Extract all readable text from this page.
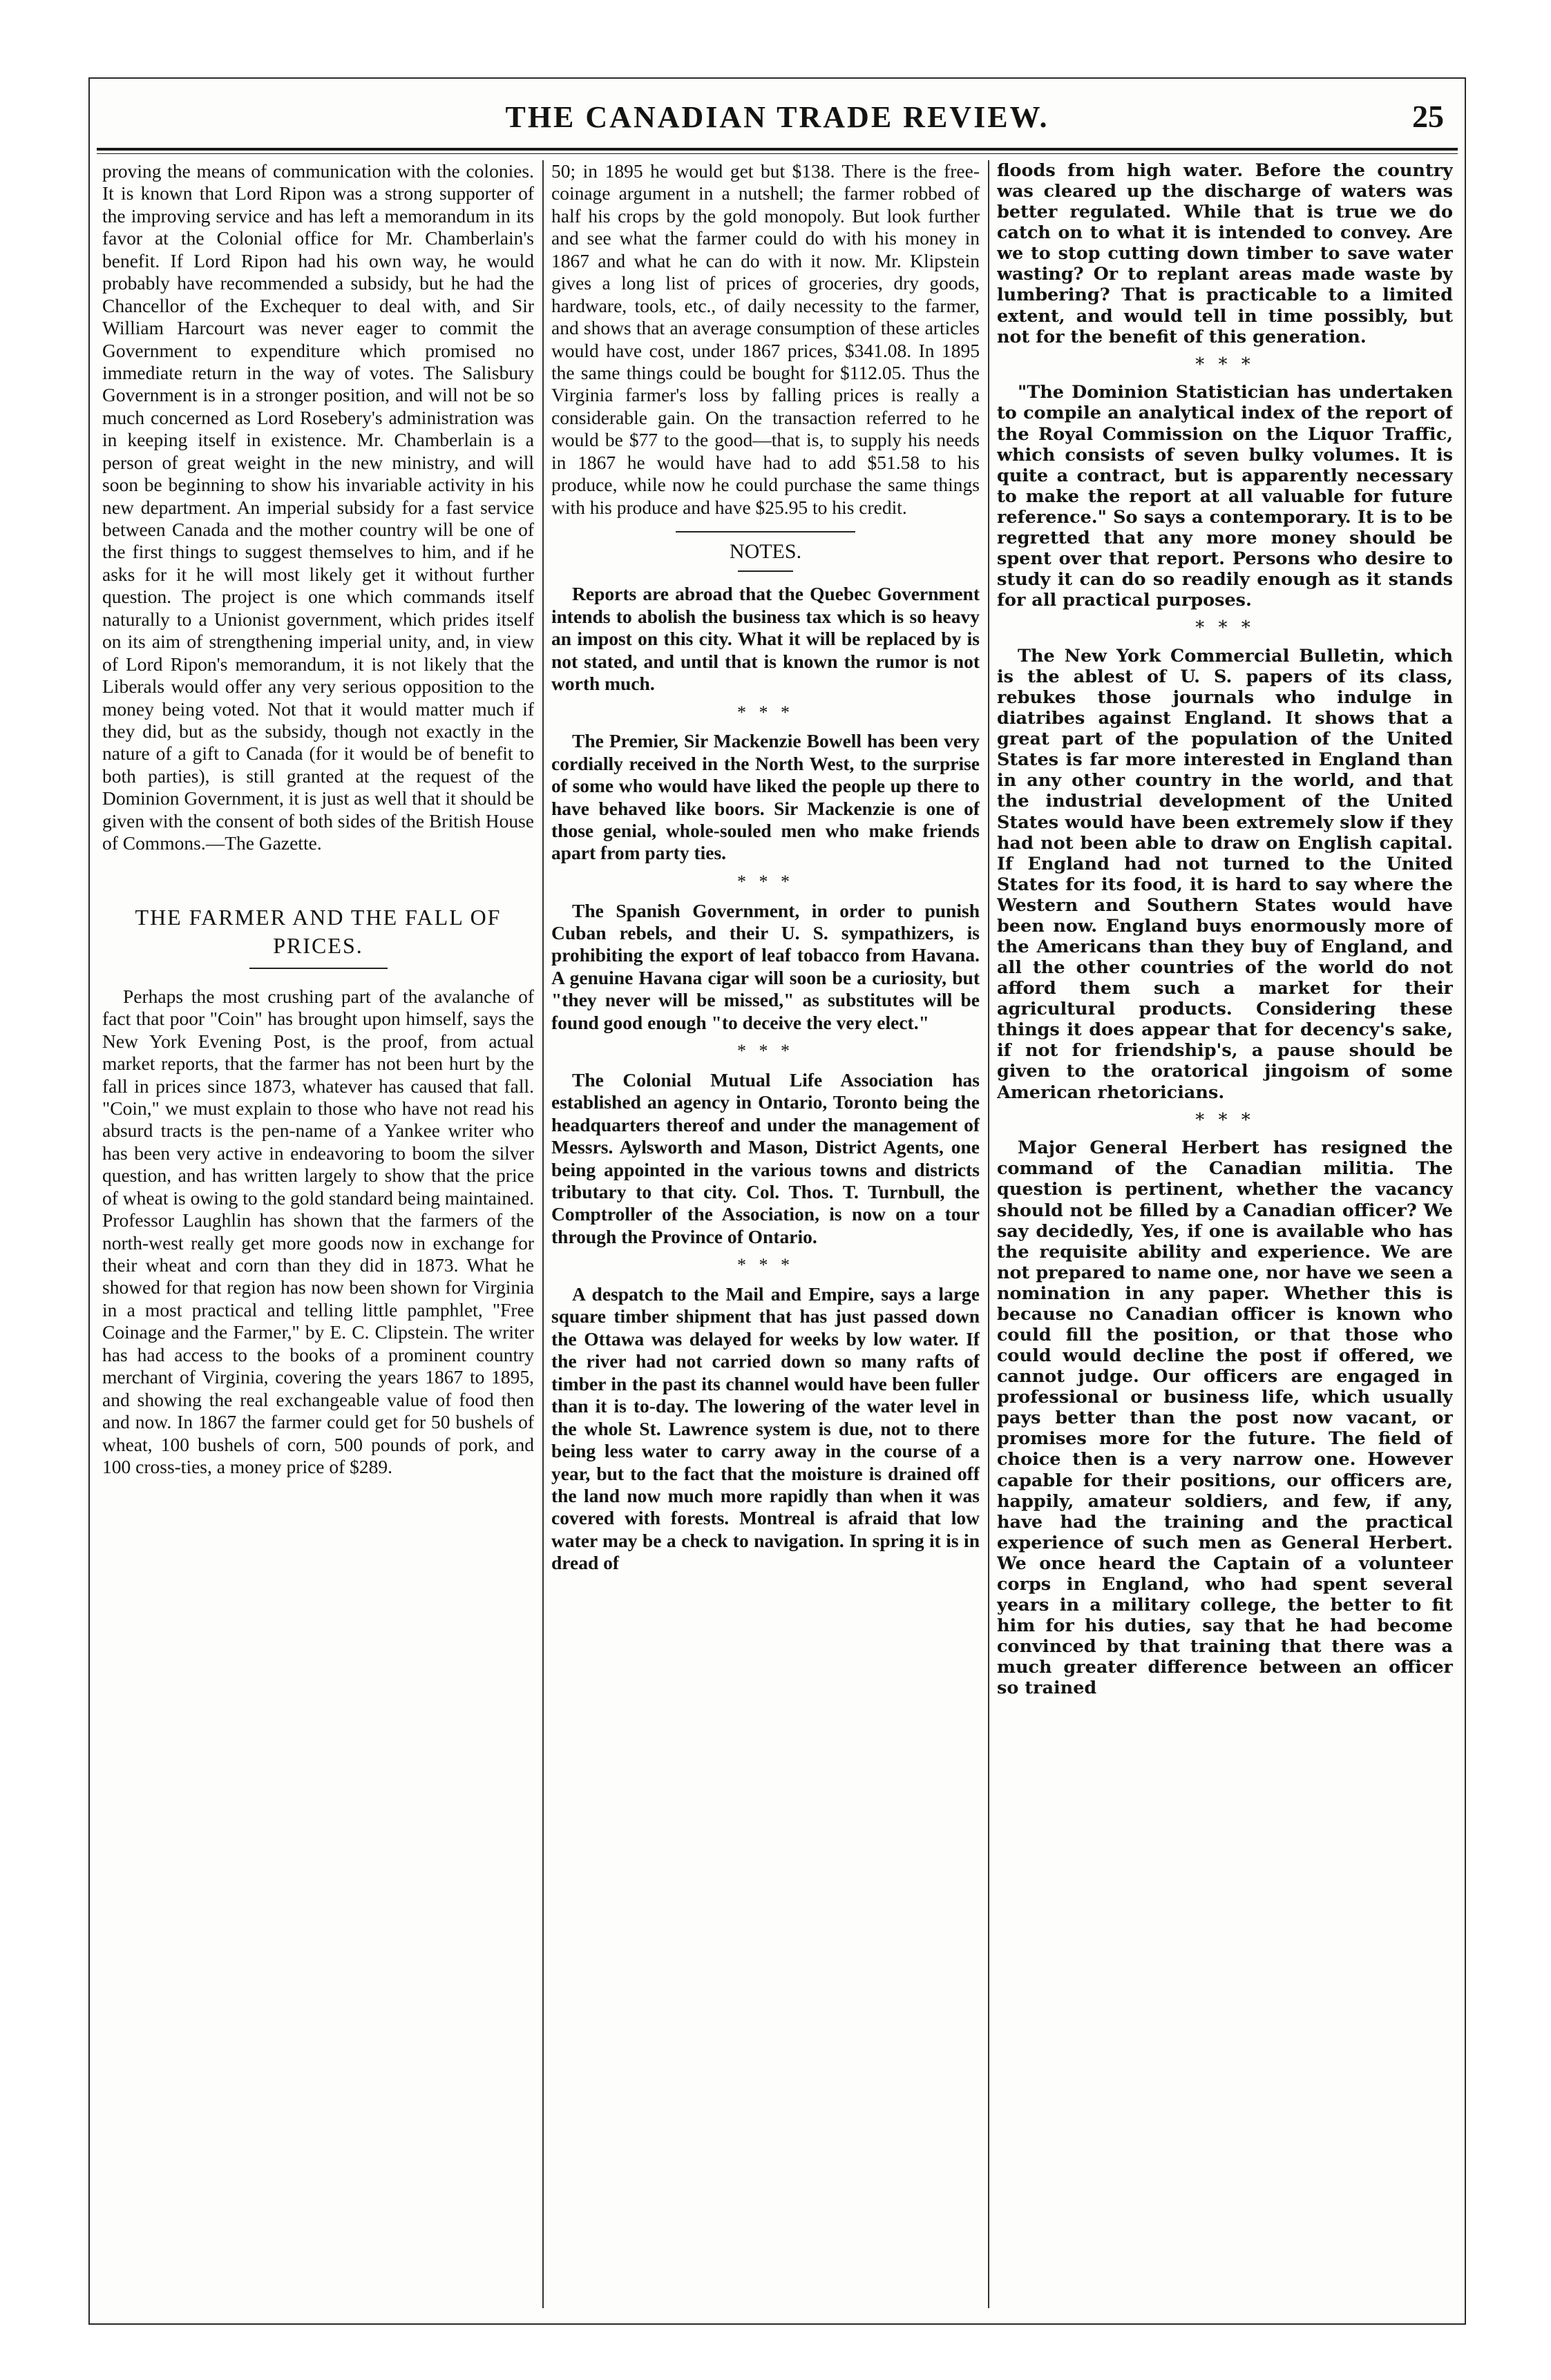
THE CANADIAN TRADE REVIEW.	25

proving the means of communication with the colonies. It is known that Lord Ripon was a strong supporter of the improving service and has left a memorandum in its favor at the Colonial office for Mr. Chamberlain's benefit. If Lord Ripon had his own way, he would probably have recommended a subsidy, but he had the Chancellor of the Exchequer to deal with, and Sir William Harcourt was never eager to commit the Government to expenditure which promised no immediate return in the way of votes. The Salisbury Government is in a stronger position, and will not be so much concerned as Lord Rosebery's administration was in keeping itself in existence. Mr. Chamberlain is a person of great weight in the new ministry, and will soon be beginning to show his invariable activity in his new department. An imperial subsidy for a fast service between Canada and the mother country will be one of the first things to suggest themselves to him, and if he asks for it he will most likely get it without further question. The project is one which commands itself naturally to a Unionist government, which prides itself on its aim of strengthening imperial unity, and, in view of Lord Ripon's memorandum, it is not likely that the Liberals would offer any very serious opposition to the money being voted. Not that it would matter much if they did, but as the subsidy, though not exactly in the nature of a gift to Canada (for it would be of benefit to both parties), is still granted at the request of the Dominion Government, it is just as well that it should be given with the consent of both sides of the British House of Commons.—The Gazette.

THE FARMER AND THE FALL OF PRICES.

Perhaps the most crushing part of the avalanche of fact that poor "Coin" has brought upon himself, says the New York Evening Post, is the proof, from actual market reports, that the farmer has not been hurt by the fall in prices since 1873, whatever has caused that fall. "Coin," we must explain to those who have not read his absurd tracts is the pen-name of a Yankee writer who has been very active in endeavoring to boom the silver question, and has written largely to show that the price of wheat is owing to the gold standard being maintained. Professor Laughlin has shown that the farmers of the north-west really get more goods now in exchange for their wheat and corn than they did in 1873. What he showed for that region has now been shown for Virginia in a most practical and telling little pamphlet, "Free Coinage and the Farmer," by E. C. Clipstein. The writer has had access to the books of a prominent country merchant of Virginia, covering the years 1867 to 1895, and showing the real exchangeable value of food then and now. In 1867 the farmer could get for 50 bushels of wheat, 100 bushels of corn, 500 pounds of pork, and 100 cross-ties, a money price of $289.

50; in 1895 he would get but $138. There is the free-coinage argument in a nutshell; the farmer robbed of half his crops by the gold monopoly. But look further and see what the farmer could do with his money in 1867 and what he can do with it now. Mr. Klipstein gives a long list of prices of groceries, dry goods, hardware, tools, etc., of daily necessity to the farmer, and shows that an average consumption of these articles would have cost, under 1867 prices, $341.08. In 1895 the same things could be bought for $112.05. Thus the Virginia farmer's loss by falling prices is really a considerable gain. On the transaction referred to he would be $77 to the good—that is, to supply his needs in 1867 he would have had to add $51.58 to his produce, while now he could purchase the same things with his produce and have $25.95 to his credit.

NOTES.

Reports are abroad that the Quebec Government intends to abolish the business tax which is so heavy an impost on this city. What it will be replaced by is not stated, and until that is known the rumor is not worth much.

* * *

The Premier, Sir Mackenzie Bowell has been very cordially received in the North West, to the surprise of some who would have liked the people up there to have behaved like boors. Sir Mackenzie is one of those genial, whole-souled men who make friends apart from party ties.

* * *

The Spanish Government, in order to punish Cuban rebels, and their U. S. sympathizers, is prohibiting the export of leaf tobacco from Havana. A genuine Havana cigar will soon be a curiosity, but "they never will be missed," as substitutes will be found good enough "to deceive the very elect."

* * *

The Colonial Mutual Life Association has established an agency in Ontario, Toronto being the headquarters thereof and under the management of Messrs. Aylsworth and Mason, District Agents, one being appointed in the various towns and districts tributary to that city. Col. Thos. T. Turnbull, the Comptroller of the Association, is now on a tour through the Province of Ontario.

* * *

A despatch to the Mail and Empire, says a large square timber shipment that has just passed down the Ottawa was delayed for weeks by low water. If the river had not carried down so many rafts of timber in the past its channel would have been fuller than it is to-day. The lowering of the water level in the whole St. Lawrence system is due, not to there being less water to carry away in the course of a year, but to the fact that the moisture is drained off the land now much more rapidly than when it was covered with forests. Montreal is afraid that low water may be a check to navigation. In spring it is in dread of

floods from high water. Before the country was cleared up the discharge of waters was better regulated. While that is true we do catch on to what it is intended to convey. Are we to stop cutting down timber to save water wasting? Or to replant areas made waste by lumbering? That is practicable to a limited extent, and would tell in time possibly, but not for the benefit of this generation.

* * *

"The Dominion Statistician has undertaken to compile an analytical index of the report of the Royal Commission on the Liquor Traffic, which consists of seven bulky volumes. It is quite a contract, but is apparently necessary to make the report at all valuable for future reference." So says a contemporary. It is to be regretted that any more money should be spent over that report. Persons who desire to study it can do so readily enough as it stands for all practical purposes.

* * *

The New York Commercial Bulletin, which is the ablest of U. S. papers of its class, rebukes those journals who indulge in diatribes against England. It shows that a great part of the population of the United States is far more interested in England than in any other country in the world, and that the industrial development of the United States would have been extremely slow if they had not been able to draw on English capital. If England had not turned to the United States for its food, it is hard to say where the Western and Southern States would have been now. England buys enormously more of the Americans than they buy of England, and all the other countries of the world do not afford them such a market for their agricultural products. Considering these things it does appear that for decency's sake, if not for friendship's, a pause should be given to the oratorical jingoism of some American rhetoricians.

* * *

Major General Herbert has resigned the command of the Canadian militia. The question is pertinent, whether the vacancy should not be filled by a Canadian officer? We say decidedly, Yes, if one is available who has the requisite ability and experience. We are not prepared to name one, nor have we seen a nomination in any paper. Whether this is because no Canadian officer is known who could fill the position, or that those who could would decline the post if offered, we cannot judge. Our officers are engaged in professional or business life, which usually pays better than the post now vacant, or promises more for the future. The field of choice then is a very narrow one. However capable for their positions, our officers are, happily, amateur soldiers, and few, if any, have had the training and the practical experience of such men as General Herbert. We once heard the Captain of a volunteer corps in England, who had spent several years in a military college, the better to fit him for his duties, say that he had become convinced by that training that there was a much greater difference between an officer so trained
